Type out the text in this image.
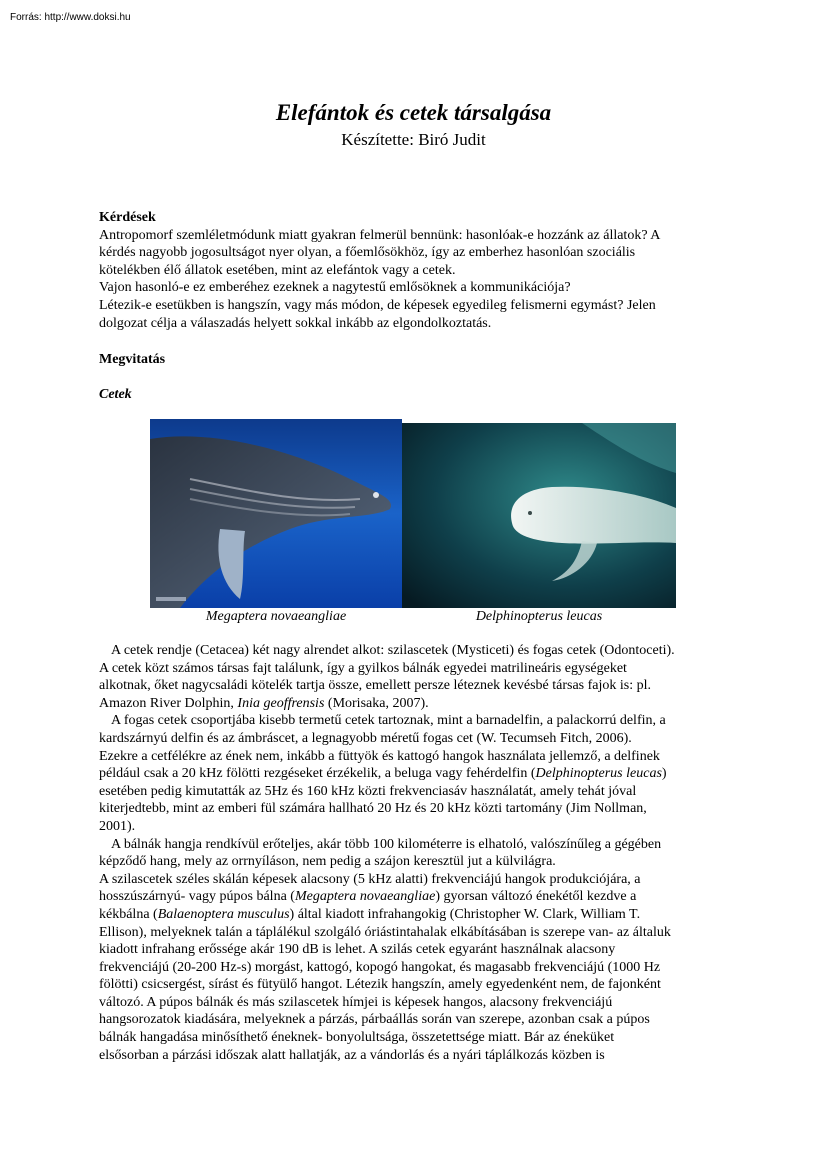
Forrás: http://www.doksi.hu
Elefántok és cetek társalgása
Készítette: Biró Judit
Kérdések
Antropomorf szemléletmódunk miatt gyakran felmerül bennünk: hasonlóak-e hozzánk az állatok? A
kérdés nagyobb jogosultságot nyer olyan, a főemlősökhöz, így az emberhez hasonlóan szociális
kötelékben élő állatok esetében, mint az elefántok vagy a cetek.
Vajon hasonló-e ez emberéhez ezeknek a nagytestű emlősöknek a kommunikációja?
Létezik-e esetükben is hangszín, vagy más módon, de képesek egyedileg felismerni egymást? Jelen
dolgozat célja a válaszadás helyett sokkal inkább az elgondolkoztatás.
Megvitatás
Cetek
Megaptera novaeangliae	Delphinopterus leucas
A cetek rendje (Cetacea) két nagy alrendet alkot: szilascetek (Mysticeti) és fogas cetek (Odontoceti).
A cetek közt számos társas fajt találunk, így a gyilkos bálnák egyedei matrilineáris egységeket
alkotnak, őket nagycsaládi kötelék tartja össze, emellett persze léteznek kevésbé társas fajok is: pl.
Amazon River Dolphin, Inia geoffrensis (Morisaka, 2007).
A fogas cetek csoportjába kisebb termetű cetek tartoznak, mint a barnadelfin, a palackorrú delfin, a
kardszárnyú delfin és az ámbráscet, a legnagyobb méretű fogas cet (W. Tecumseh Fitch, 2006).
Ezekre a cetfélékre az ének nem, inkább a füttyök és kattogó hangok használata jellemző, a delfinek
például csak a 20 kHz fölötti rezgéseket érzékelik, a beluga vagy fehérdelfin (Delphinopterus leucas)
esetében pedig kimutatták az 5Hz és 160 kHz közti frekvenciasáv használatát, amely tehát jóval
kiterjedtebb, mint az emberi fül számára hallható 20 Hz és 20 kHz közti tartomány (Jim Nollman,
2001).
A bálnák hangja rendkívül erőteljes, akár több 100 kilométerre is elhatoló, valószínűleg a gégében
képződő hang, mely az orrnyíláson, nem pedig a szájon keresztül jut a külvilágra.
A szilascetek széles skálán képesek alacsony (5 kHz alatti) frekvenciájú hangok produkciójára, a
hosszúszárnyú- vagy púpos bálna (Megaptera novaeangliae) gyorsan változó énekétől kezdve a
kékbálna (Balaenoptera musculus) által kiadott infrahangokig (Christopher W. Clark, William T.
Ellison), melyeknek talán a táplálékul szolgáló óriástintahalak elkábításában is szerepe van- az általuk
kiadott infrahang erőssége akár 190 dB is lehet. A szilás cetek egyaránt használnak alacsony
frekvenciájú (20-200 Hz-s) morgást, kattogó, kopogó hangokat, és magasabb frekvenciájú (1000 Hz
fölötti) csicsergést, sírást és fütyülő hangot. Létezik hangszín, amely egyedenként nem, de fajonként
változó. A púpos bálnák és más szilascetek hímjei is képesek hangos, alacsony frekvenciájú
hangsorozatok kiadására, melyeknek a párzás, párbaállás során van szerepe, azonban csak a púpos
bálnák hangadása minősíthető éneknek- bonyolultsága, összetettsége miatt. Bár az éneküket
elsősorban a párzási időszak alatt hallatják, az a vándorlás és a nyári táplálkozás közben is
